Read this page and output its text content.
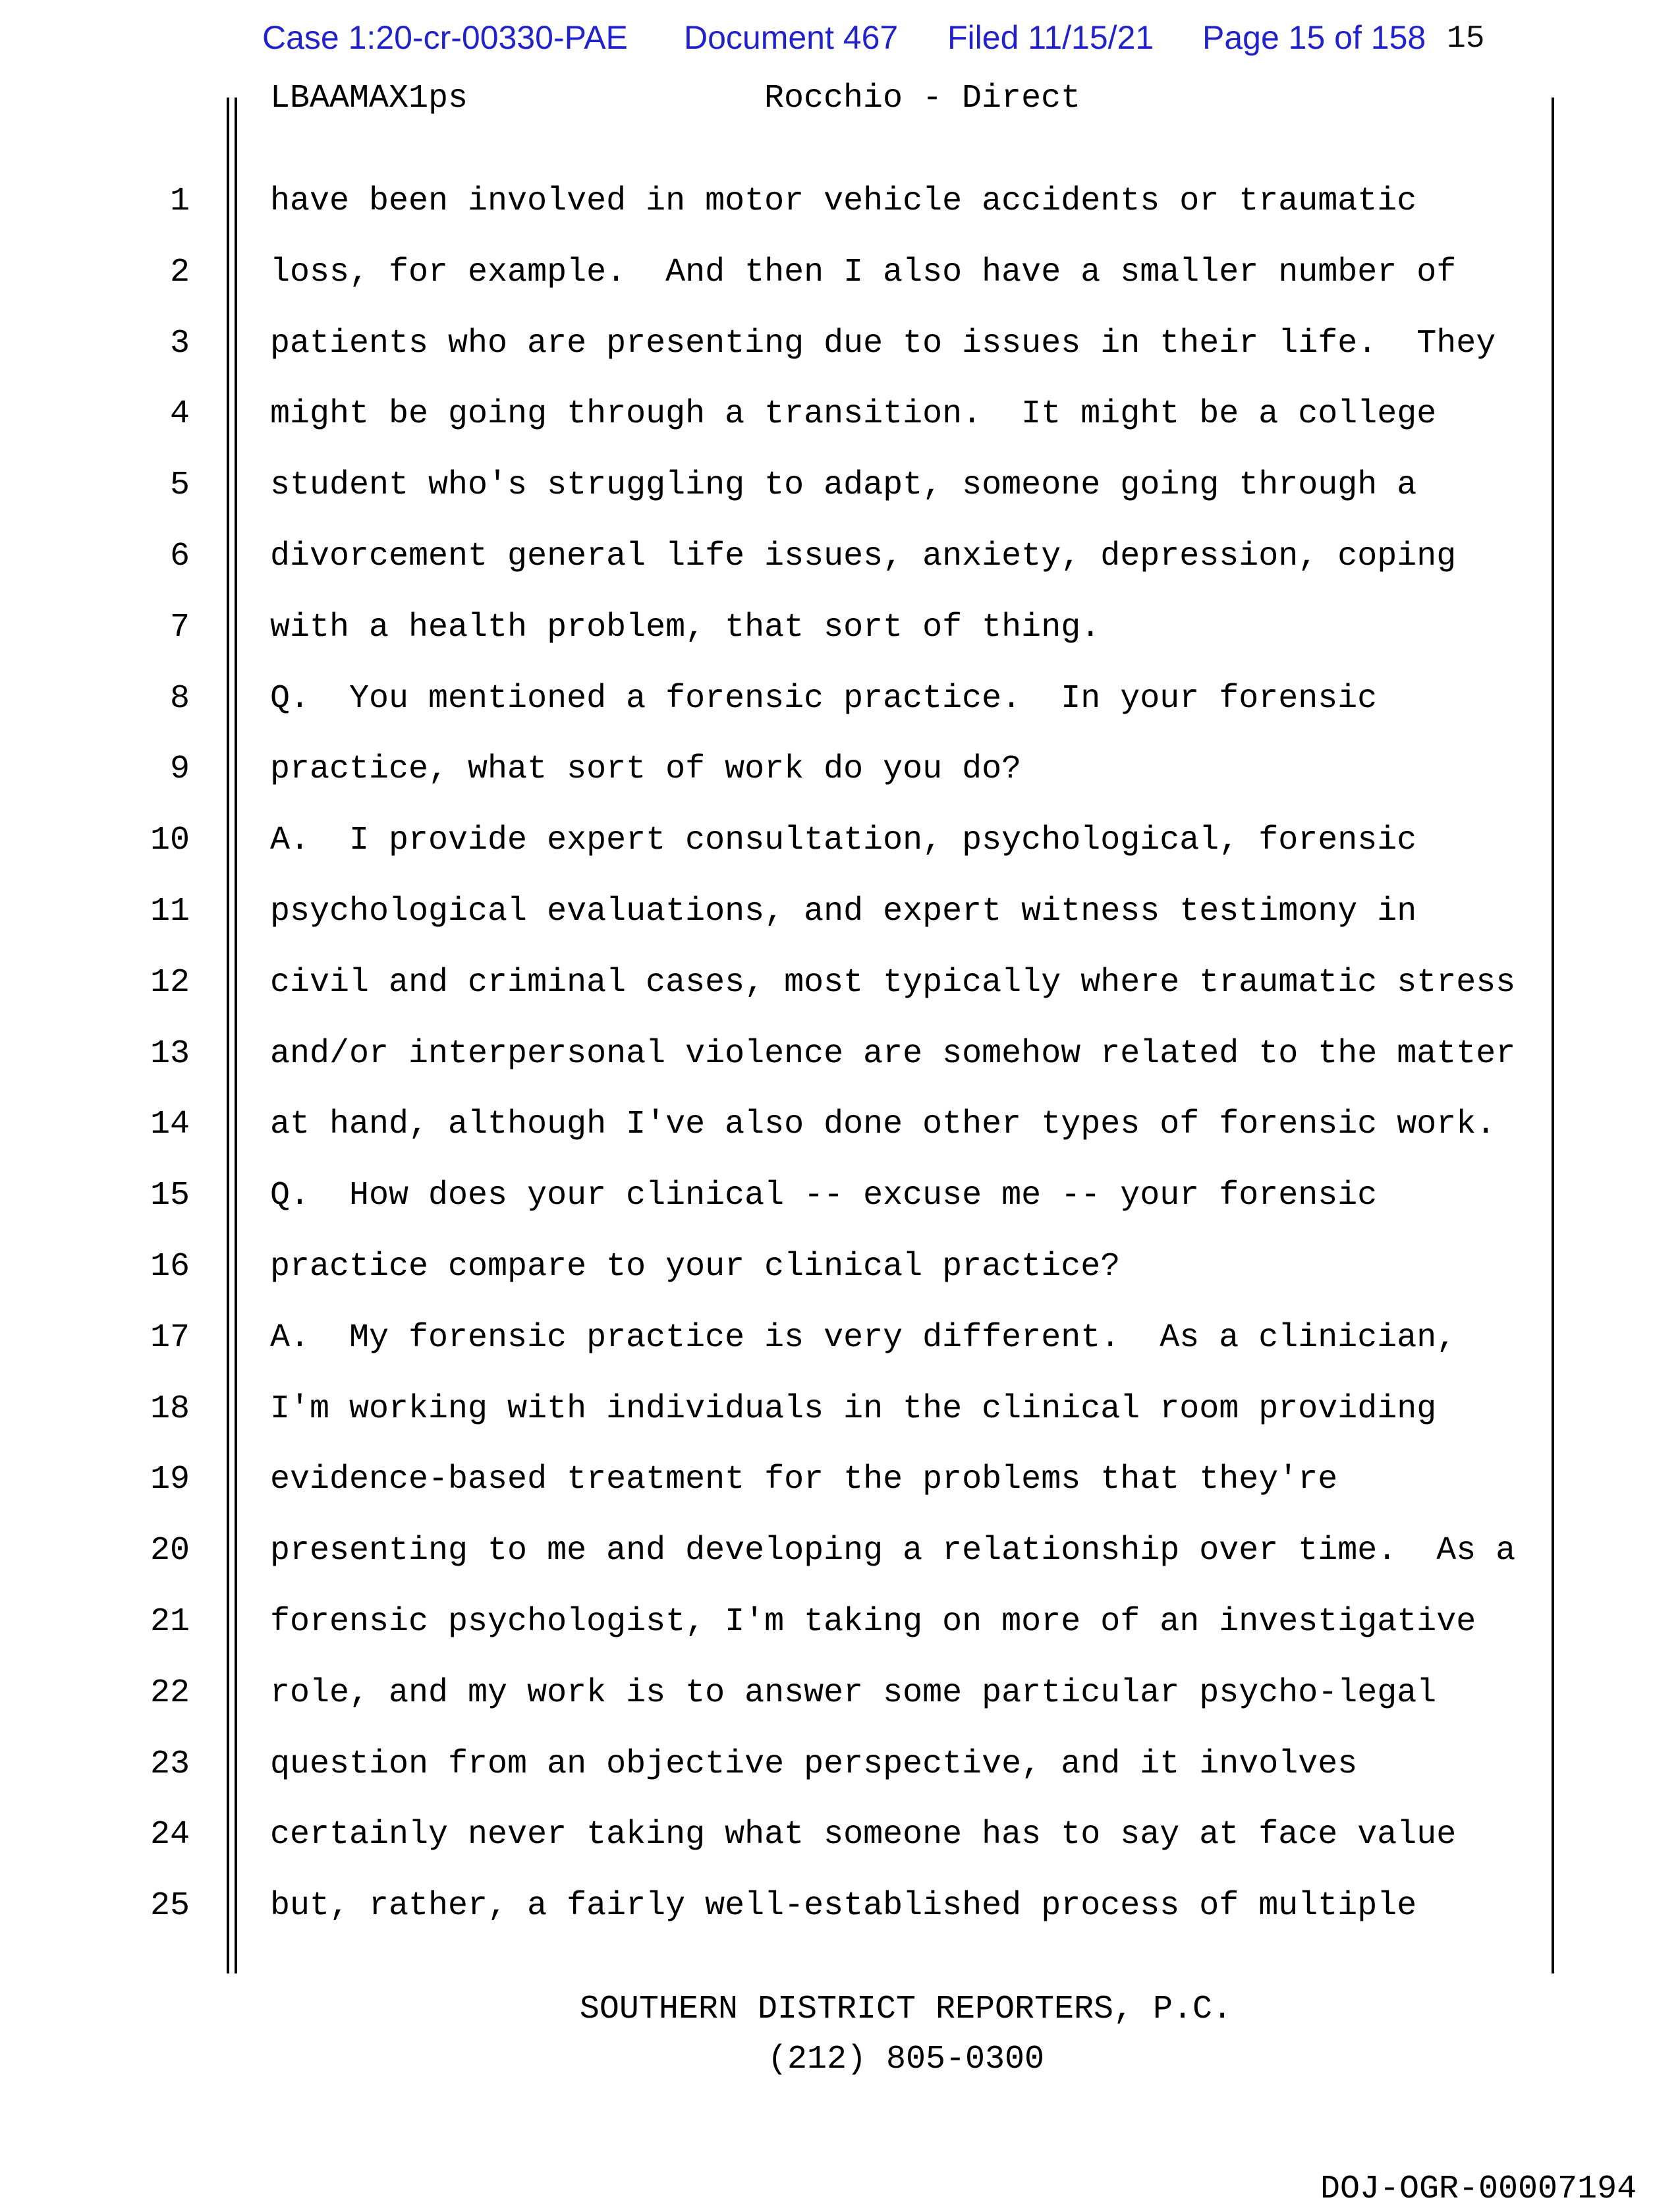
Case 1:20-cr-00330-PAE Document 467 Filed 11/15/21 Page 15 of 158 15
LBAAMAX1ps	Rocchio - Direct
1 have been involved in motor vehicle accidents or traumatic
2 loss, for example.  And then I also have a smaller number of
3 patients who are presenting due to issues in their life.  They
4 might be going through a transition.  It might be a college
5 student who's struggling to adapt, someone going through a
6 divorcement general life issues, anxiety, depression, coping
7 with a health problem, that sort of thing.
8 Q.  You mentioned a forensic practice.  In your forensic
9 practice, what sort of work do you do?
10 A.  I provide expert consultation, psychological, forensic
11 psychological evaluations, and expert witness testimony in
12 civil and criminal cases, most typically where traumatic stress
13 and/or interpersonal violence are somehow related to the matter
14 at hand, although I've also done other types of forensic work.
15 Q.  How does your clinical -- excuse me -- your forensic
16 practice compare to your clinical practice?
17 A.  My forensic practice is very different.  As a clinician,
18 I'm working with individuals in the clinical room providing
19 evidence-based treatment for the problems that they're
20 presenting to me and developing a relationship over time.  As a
21 forensic psychologist, I'm taking on more of an investigative
22 role, and my work is to answer some particular psycho-legal
23 question from an objective perspective, and it involves
24 certainly never taking what someone has to say at face value
25 but, rather, a fairly well-established process of multiple
SOUTHERN DISTRICT REPORTERS, P.C.
(212) 805-0300
DOJ-OGR-00007194
